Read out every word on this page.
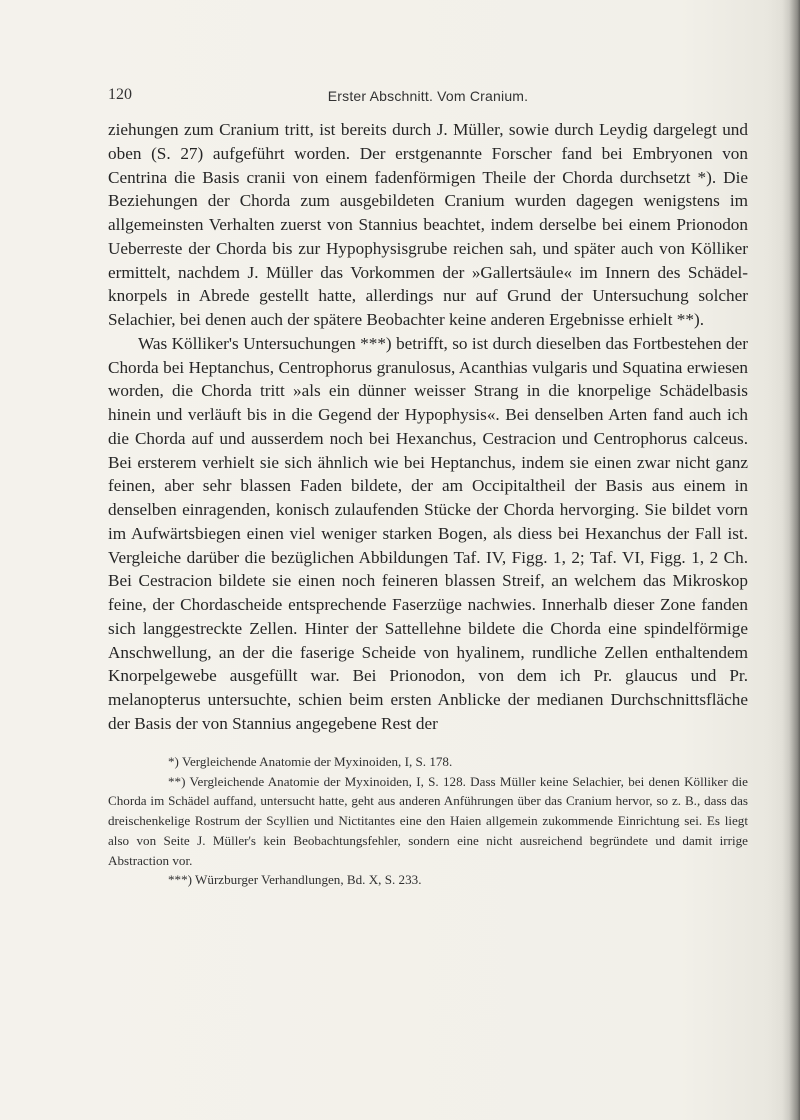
120	Erster Abschnitt. Vom Cranium.

ziehungen zum Cranium tritt, ist bereits durch J. Müller, sowie durch Leydig dargelegt und oben (S. 27) aufgeführt worden. Der erstgenannte Forscher fand bei Embryonen von Centrina die Basis cranii von einem fadenförmigen Theile der Chorda durchsetzt *). Die Beziehungen der Chorda zum ausgebildeten Cranium wurden dagegen wenigstens im allgemeinsten Verhalten zuerst von Stannius beachtet, indem derselbe bei einem Prionodon Ueberreste der Chorda bis zur Hypophysisgrube reichen sah, und später auch von Kölliker ermittelt, nachdem J. Müller das Vorkommen der »Gallertsäule« im Innern des Schädelknorpels in Abrede gestellt hatte, allerdings nur auf Grund der Untersuchung solcher Selachier, bei denen auch der spätere Beobachter keine anderen Ergebnisse erhielt **).

Was Kölliker's Untersuchungen ***) betrifft, so ist durch dieselben das Fortbestehen der Chorda bei Heptanchus, Centrophorus granulosus, Acanthias vulgaris und Squatina erwiesen worden, die Chorda tritt »als ein dünner weisser Strang in die knorpelige Schädelbasis hinein und verläuft bis in die Gegend der Hypophysis«. Bei denselben Arten fand auch ich die Chorda auf und ausserdem noch bei Hexanchus, Cestracion und Centrophorus calceus. Bei ersterem verhielt sie sich ähnlich wie bei Heptanchus, indem sie einen zwar nicht ganz feinen, aber sehr blassen Faden bildete, der am Occipitaltheil der Basis aus einem in denselben einragenden, konisch zulaufenden Stücke der Chorda hervorging. Sie bildet vorn im Aufwärtsbiegen einen viel weniger starken Bogen, als diess bei Hexanchus der Fall ist. Vergleiche darüber die bezüglichen Abbildungen Taf. IV, Figg. 1, 2; Taf. VI, Figg. 1, 2 Ch. Bei Cestracion bildete sie einen noch feineren blassen Streif, an welchem das Mikroskop feine, der Chordascheide entsprechende Faserzüge nachwies. Innerhalb dieser Zone fanden sich langgestreckte Zellen. Hinter der Sattellehne bildete die Chorda eine spindelförmige Anschwellung, an der die faserige Scheide von hyalinem, rundliche Zellen enthaltendem Knorpelgewebe ausgefüllt war. Bei Prionodon, von dem ich Pr. glaucus und Pr. melanopterus untersuchte, schien beim ersten Anblicke der medianen Durchschnittsfläche der Basis der von Stannius angegebene Rest der

*) Vergleichende Anatomie der Myxinoiden, I, S. 178.

**) Vergleichende Anatomie der Myxinoiden, I, S. 128. Dass Müller keine Selachier, bei denen Kölliker die Chorda im Schädel auffand, untersucht hatte, geht aus anderen Anführungen über das Cranium hervor, so z. B., dass das dreischenkelige Rostrum der Scyllien und Nictitantes eine den Haien allgemein zukommende Einrichtung sei. Es liegt also von Seite J. Müller's kein Beobachtungsfehler, sondern eine nicht ausreichend begründete und damit irrige Abstraction vor.

***) Würzburger Verhandlungen, Bd. X, S. 233.
